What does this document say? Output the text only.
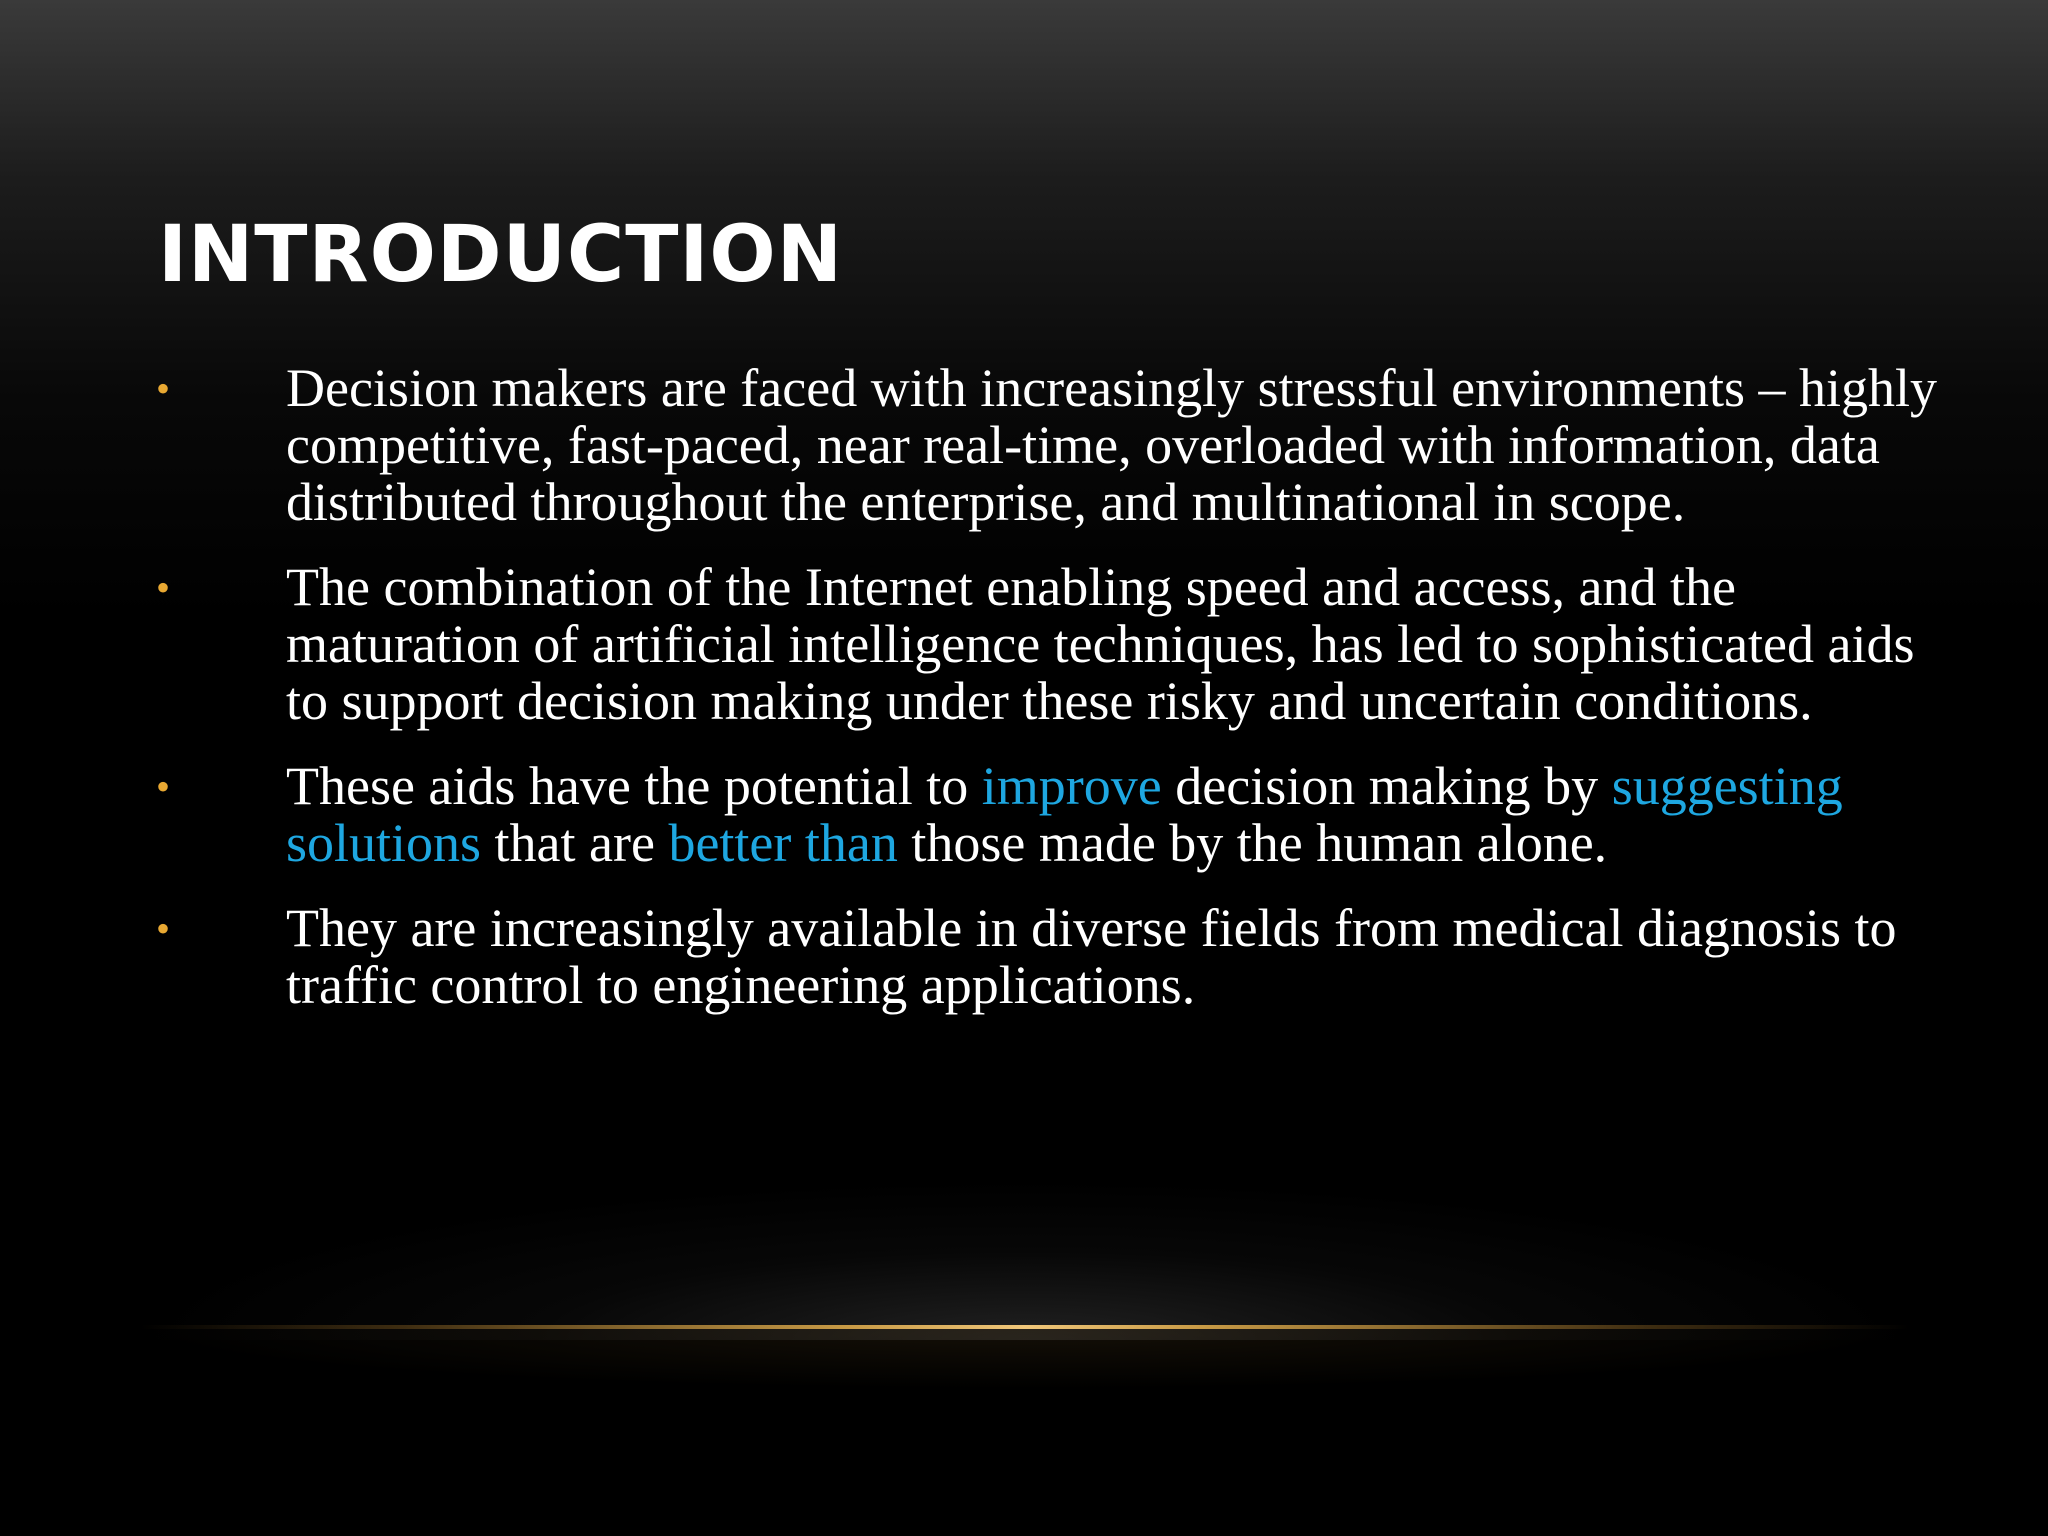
INTRODUCTION
• Decision makers are faced with increasingly stressful environments – highly competitive, fast-paced, near real-time, overloaded with information, data distributed throughout the enterprise, and multinational in scope.
• The combination of the Internet enabling speed and access, and the maturation of artificial intelligence techniques, has led to sophisticated aids to support decision making under these risky and uncertain conditions.
• These aids have the potential to improve decision making by suggesting solutions that are better than those made by the human alone.
• They are increasingly available in diverse fields from medical diagnosis to traffic control to engineering applications.
